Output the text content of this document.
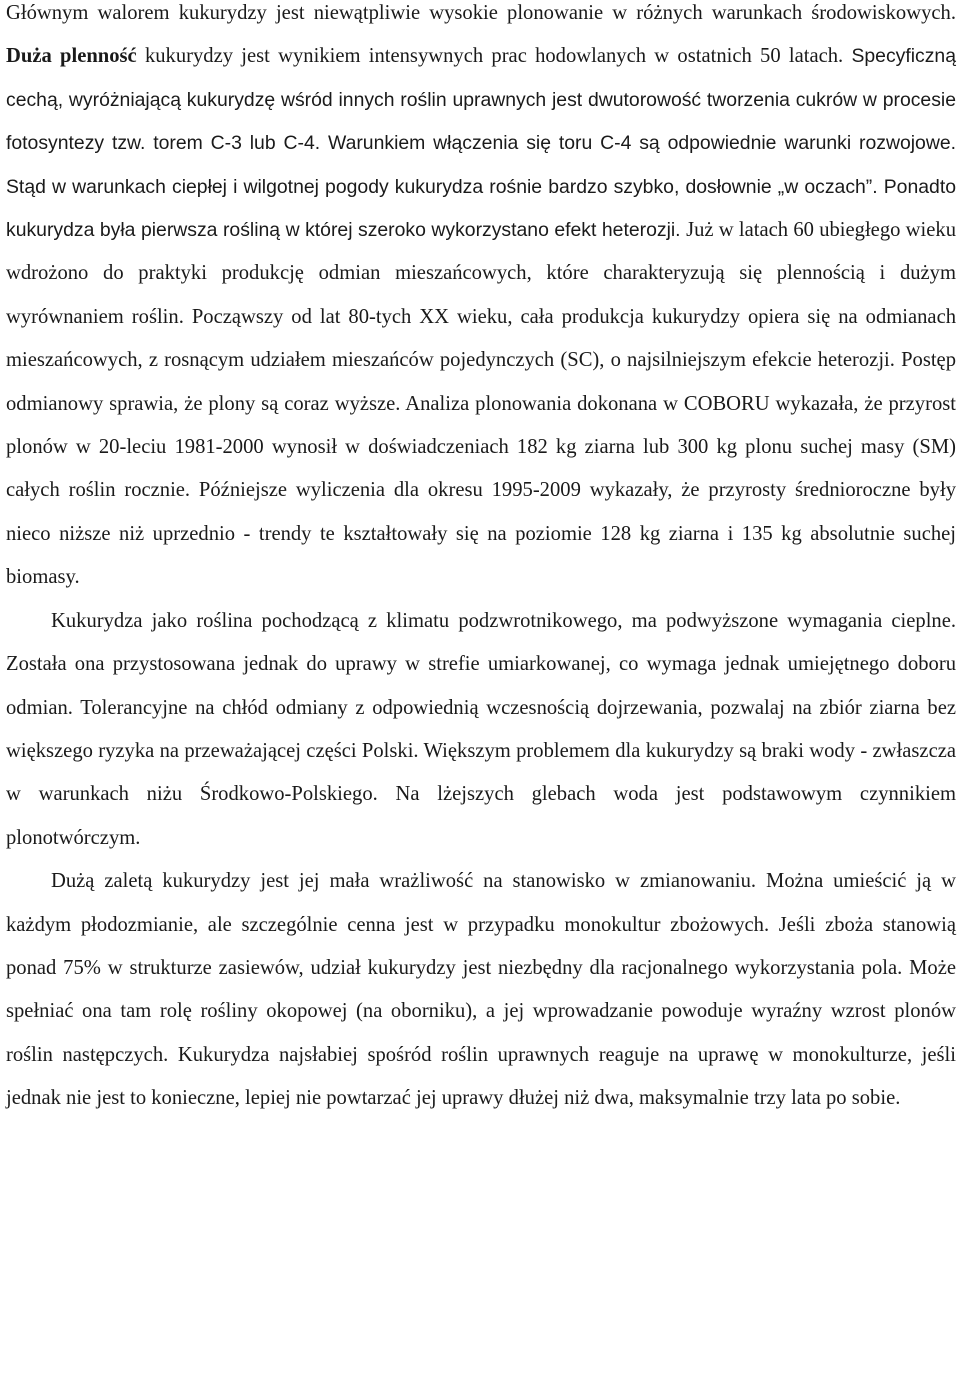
Głównym walorem kukurydzy jest niewątpliwie wysokie plonowanie w różnych warunkach środowiskowych. Duża plenność kukurydzy jest wynikiem intensywnych prac hodowlanych w ostatnich 50 latach. Specyficzną cechą, wyróżniającą kukurydzę wśród innych roślin uprawnych jest dwutorowość tworzenia cukrów w procesie fotosyntezy tzw. torem C-3 lub C-4. Warunkiem włączenia się toru C-4 są odpowiednie warunki rozwojowe. Stąd w warunkach ciepłej i wilgotnej pogody kukurydza rośnie bardzo szybko, dosłownie „w oczach”. Ponadto kukurydza była pierwsza rośliną w której szeroko wykorzystano efekt heterozji. Już w latach 60 ubiegłego wieku wdrożono do praktyki produkcję odmian mieszańcowych, które charakteryzują się plennością i dużym wyrównaniem roślin. Począwszy od lat 80-tych XX wieku, cała produkcja kukurydzy opiera się na odmianach mieszańcowych, z rosnącym udziałem mieszańców pojedynczych (SC), o najsilniejszym efekcie heterozji. Postęp odmianowy sprawia, że plony są coraz wyższe. Analiza plonowania dokonana w COBORU wykazała, że przyrost plonów w 20-leciu 1981-2000 wynosił w doświadczeniach 182 kg ziarna lub 300 kg plonu suchej masy (SM) całych roślin rocznie. Późniejsze wyliczenia dla okresu 1995-2009 wykazały, że przyrosty średnioroczne były nieco niższe niż uprzednio - trendy te kształtowały się na poziomie 128 kg ziarna i 135 kg absolutnie suchej biomasy.

Kukurydza jako roślina pochodzącą z klimatu podzwrotnikowego, ma podwyższone wymagania cieplne. Została ona przystosowana jednak do uprawy w strefie umiarkowanej, co wymaga jednak umiejętnego doboru odmian. Tolerancyjne na chłód odmiany z odpowiednią wczesnością dojrzewania, pozwalaj na zbiór ziarna bez większego ryzyka na przeważającej części Polski. Większym problemem dla kukurydzy są braki wody - zwłaszcza w warunkach niżu Środkowo-Polskiego. Na lżejszych glebach woda jest podstawowym czynnikiem plonotwórczym.

Dużą zaletą kukurydzy jest jej mała wrażliwość na stanowisko w zmianowaniu. Można umieścić ją w każdym płodozmianie, ale szczególnie cenna jest w przypadku monokultur zbożowych. Jeśli zboża stanowią ponad 75% w strukturze zasiewów, udział kukurydzy jest niezbędny dla racjonalnego wykorzystania pola. Może spełniać ona tam rolę rośliny okopowej (na oborniku), a jej wprowadzanie powoduje wyraźny wzrost plonów roślin następczych. Kukurydza najsłabiej spośród roślin uprawnych reaguje na uprawę w monokulturze, jeśli jednak nie jest to konieczne, lepiej nie powtarzać jej uprawy dłużej niż dwa, maksymalnie trzy lata po sobie.
